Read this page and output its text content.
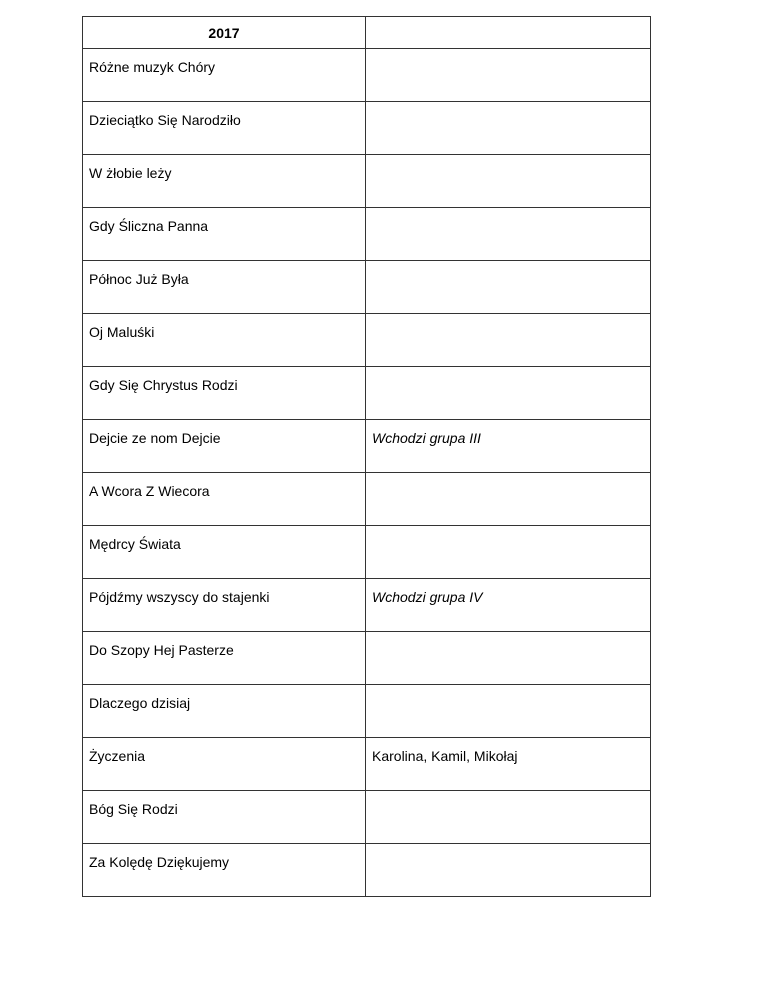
2017	
Różne muzyk Chóry	
Dzieciątko Się Narodziło	
W żłobie leży	
Gdy Śliczna Panna	
Północ Już Była	
Oj Maluśki	
Gdy Się Chrystus Rodzi	
Dejcie ze nom Dejcie	Wchodzi grupa III
A Wcora Z Wiecora	
Mędrcy Świata	
Pójdźmy wszyscy do stajenki	Wchodzi grupa IV
Do Szopy Hej Pasterze	
Dlaczego dzisiaj	
Życzenia	Karolina, Kamil, Mikołaj
Bóg Się Rodzi	
Za Kolędę Dziękujemy	
